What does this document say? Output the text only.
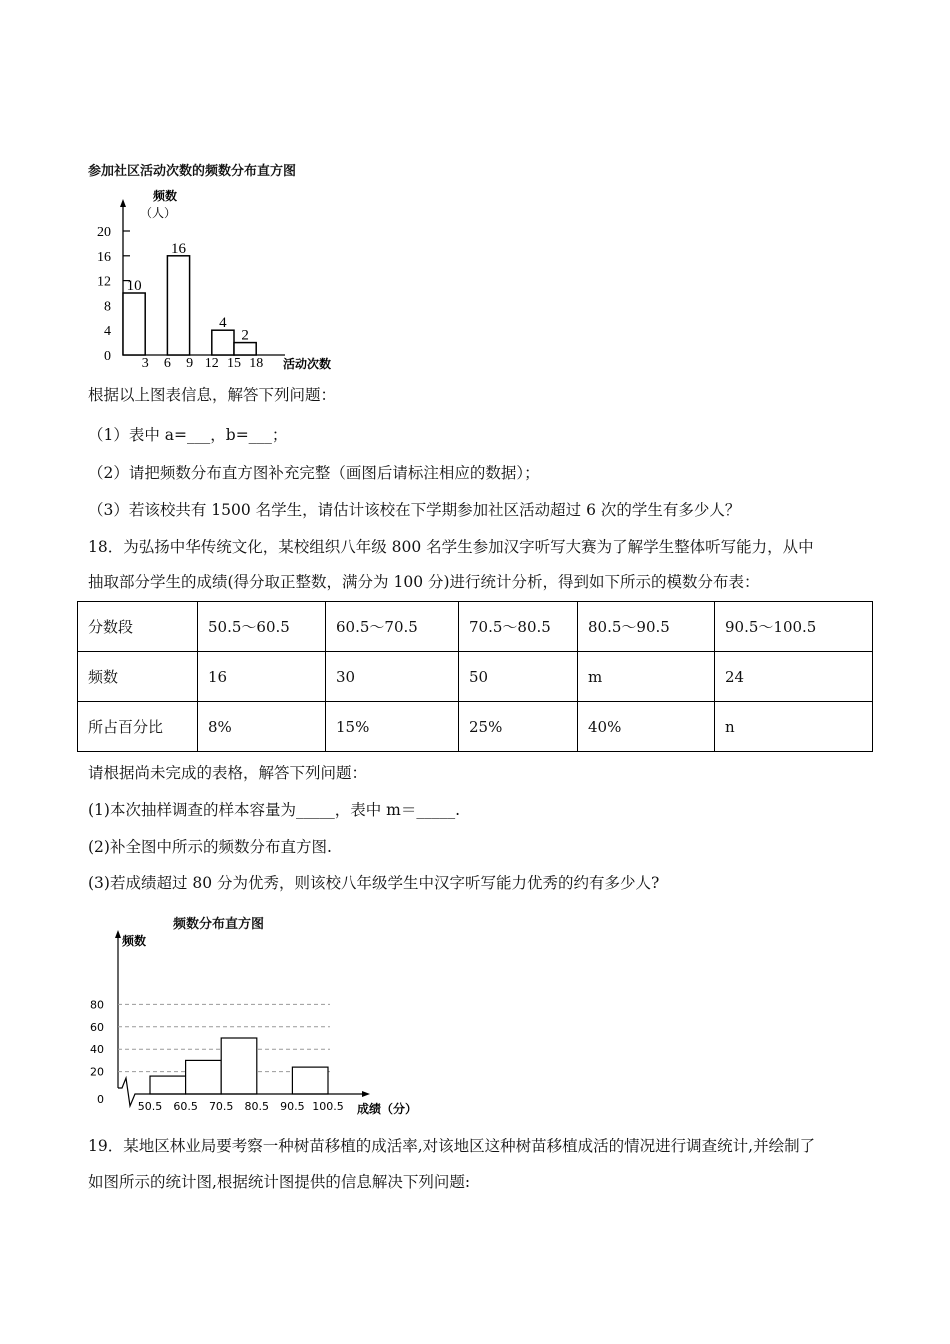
参加社区活动次数的频数分布直方图
频数
（人）
0
4
8
12
16
20
10
16
4
2
3 6 9 12 15 18 活动次数
根据以上图表信息，解答下列问题：
（1）表中 a=___，b=___；
（2）请把频数分布直方图补充完整（画图后请标注相应的数据）；
（3）若该校共有 1500 名学生，请估计该校在下学期参加社区活动超过 6 次的学生有多少人？
18．为弘扬中华传统文化，某校组织八年级 800 名学生参加汉字听写大赛为了解学生整体听写能力，从中
抽取部分学生的成绩(得分取正整数，满分为 100 分)进行统计分析，得到如下所示的模数分布表：
分数段	50.5～60.5	60.5～70.5	70.5～80.5	80.5～90.5	90.5～100.5
频数	16	30	50	m	24
所占百分比	8%	15%	25%	40%	n
请根据尚未完成的表格，解答下列问题：
(1)本次抽样调查的样本容量为_____，表中 m＝_____.
(2)补全图中所示的频数分布直方图.
(3)若成绩超过 80 分为优秀，则该校八年级学生中汉字听写能力优秀的约有多少人?
频数分布直方图
频数
0
20
40
60
80
50.5 60.5 70.5 80.5 90.5 100.5 成绩（分）
19．某地区林业局要考察一种树苗移植的成活率,对该地区这种树苗移植成活的情况进行调查统计,并绘制了
如图所示的统计图,根据统计图提供的信息解决下列问题:
